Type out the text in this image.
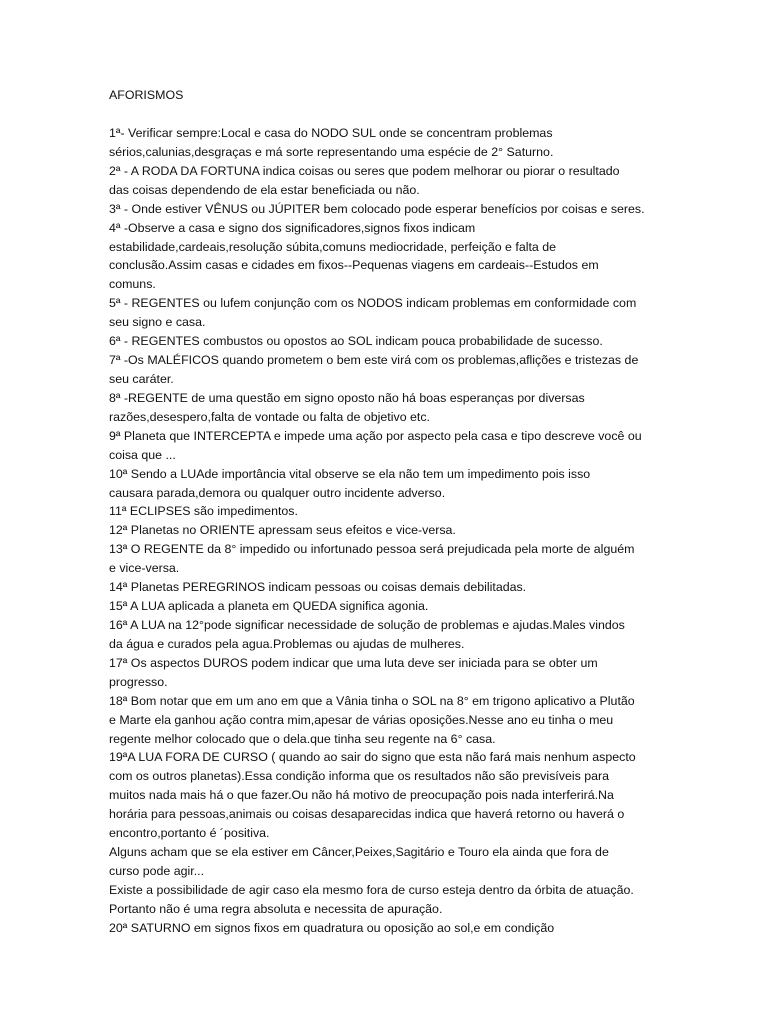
AFORISMOS
1ª- Verificar sempre:Local e casa do NODO SUL onde se concentram problemas
sérios,calunias,desgraças e má sorte representando uma espécie de 2° Saturno.
2ª - A RODA DA FORTUNA indica coisas ou seres que podem melhorar ou piorar o resultado
das coisas dependendo de ela estar beneficiada ou não.
3ª - Onde estiver VÊNUS ou JÚPITER bem colocado pode esperar benefícios por coisas e seres.
4ª -Observe a casa e signo dos significadores,signos fixos indicam
estabilidade,cardeais,resolução súbita,comuns mediocridade, perfeição e falta de
conclusão.Assim casas e cidades em fixos--Pequenas viagens em cardeais--Estudos em
comuns.
5ª - REGENTES ou lufem conjunção com os NODOS indicam problemas em conformidade com
seu signo e casa.
6ª - REGENTES combustos ou opostos ao SOL indicam pouca probabilidade de sucesso.
7ª -Os MALÉFICOS quando prometem o bem este virá com os problemas,aflições e tristezas de
seu caráter.
8ª -REGENTE de uma questão em signo oposto não há boas esperanças por diversas
razões,desespero,falta de vontade ou falta de objetivo etc.
9ª Planeta que INTERCEPTA e impede uma ação por aspecto pela casa e tipo descreve você ou
coisa que ...
10ª Sendo a LUAde importância vital observe se ela não tem um impedimento pois isso
causara parada,demora ou qualquer outro incidente adverso.
11ª ECLIPSES são impedimentos.
12ª Planetas no ORIENTE apressam seus efeitos e vice-versa.
13ª O REGENTE da 8° impedido ou infortunado pessoa será prejudicada pela morte de alguém
e vice-versa.
14ª Planetas PEREGRINOS indicam pessoas ou coisas demais debilitadas.
15ª A LUA aplicada a planeta em QUEDA significa agonia.
16ª A LUA na 12°pode significar necessidade de solução de problemas e ajudas.Males vindos
da água e curados pela agua.Problemas ou ajudas de mulheres.
17ª Os aspectos DUROS podem indicar que uma luta deve ser iniciada para se obter um
progresso.
18ª Bom notar que em um ano em que a Vânia tinha o SOL na 8° em trigono aplicativo a Plutão
e Marte ela ganhou ação contra mim,apesar de várias oposições.Nesse ano eu tinha o meu
regente melhor colocado que o dela.que tinha seu regente na 6° casa.
19ªA LUA FORA DE CURSO ( quando ao sair do signo que esta não fará mais nenhum aspecto
com os outros planetas).Essa condição informa que os resultados não são previsíveis para
muitos nada mais há o que fazer.Ou não há motivo de preocupação pois nada interferirá.Na
horária para pessoas,animais ou coisas desaparecidas indica que haverá retorno ou haverá o
encontro,portanto é ´positiva.
Alguns acham que se ela estiver em Câncer,Peixes,Sagitário e Touro ela ainda que fora de
curso pode agir...
Existe a possibilidade de agir caso ela mesmo fora de curso esteja dentro da órbita de atuação.
Portanto não é uma regra absoluta e necessita de apuração.
20ª SATURNO em signos fixos em quadratura ou oposição ao sol,e em condição
